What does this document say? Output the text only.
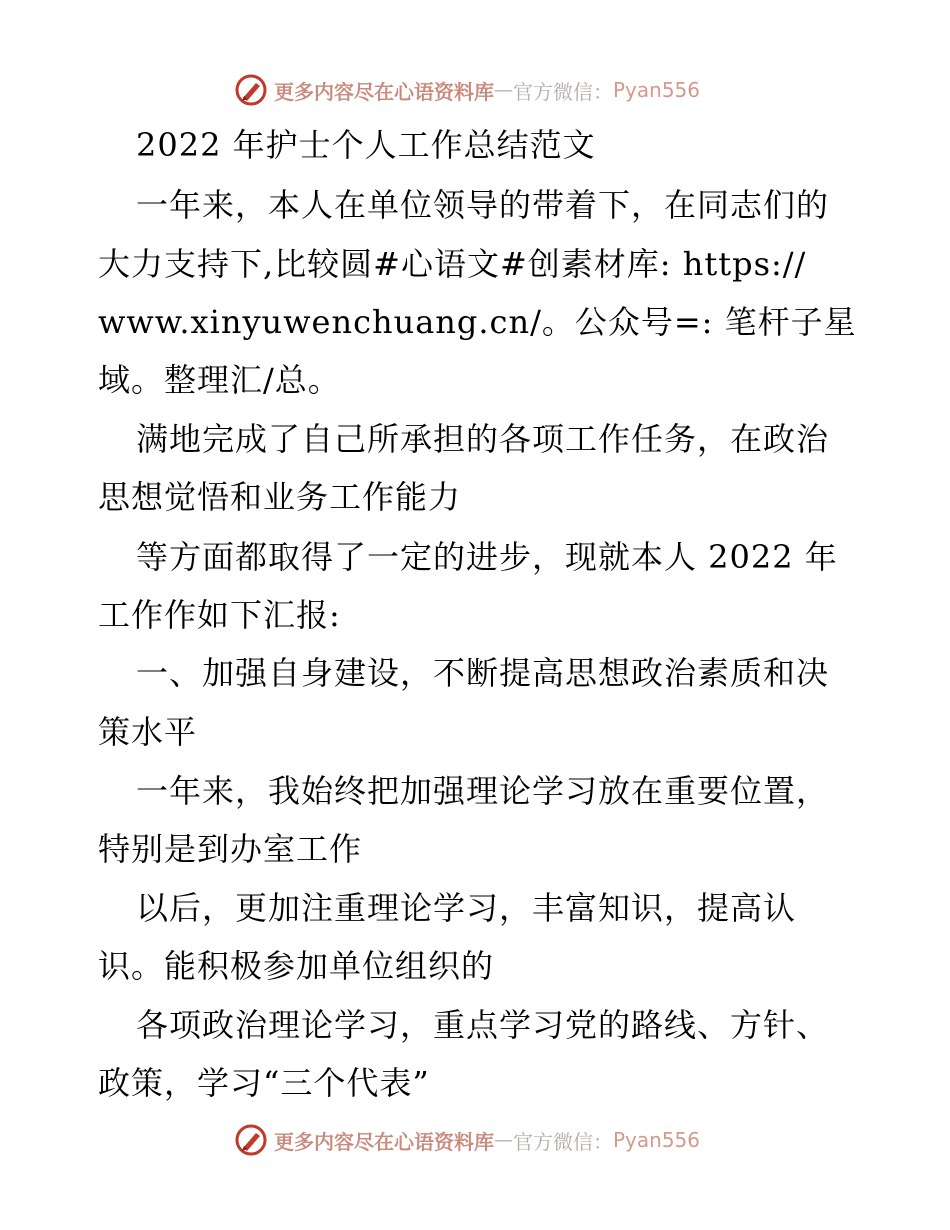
更多内容尽在心语资料库 — 官方微信： Pyan556
2022 年护士个人工作总结范文
一年来，本人在单位领导的带着下，在同志们的
大力支持下,比较圆#心语文#创素材库: https://
www.xinyuwenchuang.cn/。公众号=: 笔杆子星
域。整理汇/总。
满地完成了自己所承担的各项工作任务，在政治
思想觉悟和业务工作能力
等方面都取得了一定的进步，现就本人 2022 年
工作作如下汇报:
一、加强自身建设，不断提高思想政治素质和决
策水平
一年来，我始终把加强理论学习放在重要位置，
特别是到办室工作
以后，更加注重理论学习，丰富知识，提高认
识。能积极参加单位组织的
各项政治理论学习，重点学习党的路线、方针、
政策，学习“三个代表”
更多内容尽在心语资料库 — 官方微信： Pyan556
